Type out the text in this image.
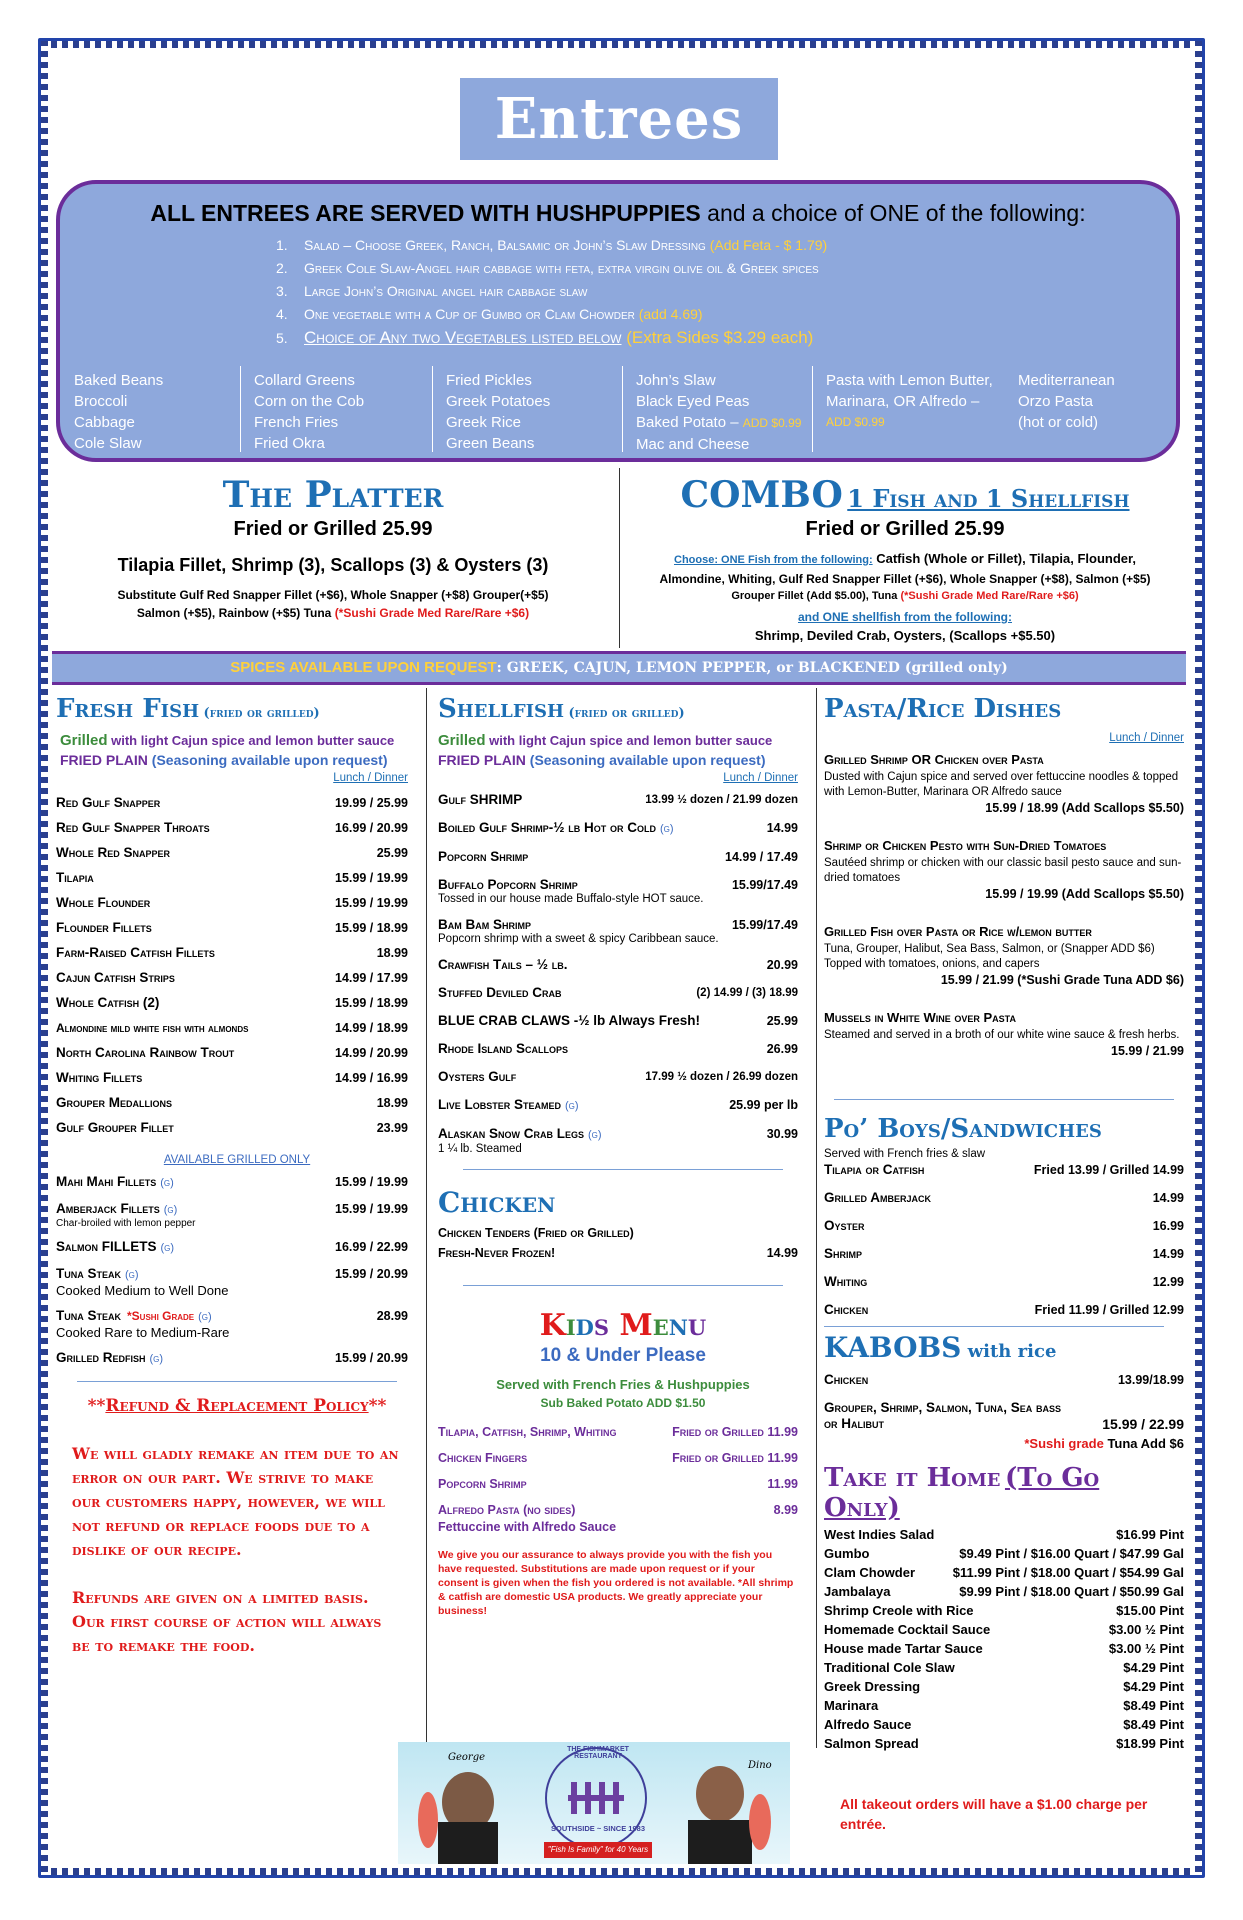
Entrees
ALL ENTREES ARE SERVED WITH HUSHPUPPIES and a choice of ONE of the following:
1. Salad – Choose Greek, Ranch, Balsamic or John’s Slaw Dressing (Add Feta - $ 1.79)
2. Greek Cole Slaw-Angel hair cabbage with feta, extra virgin olive oil & Greek spices
3. Large John’s Original angel hair cabbage slaw
4. One vegetable with a Cup of Gumbo or Clam Chowder (add 4.69)
5. Choice of Any two Vegetables listed below (Extra Sides $3.29 each)
Baked Beans
Broccoli
Cabbage
Cole Slaw
Collard Greens
Corn on the Cob
French Fries
Fried Okra
Fried Pickles
Greek Potatoes
Greek Rice
Green Beans
John’s Slaw
Black Eyed Peas
Baked Potato – ADD $0.99
Mac and Cheese
Pasta with Lemon Butter,
Marinara, OR Alfredo –
ADD $0.99
Mediterranean
Orzo Pasta
(hot or cold)
The Platter
Fried or Grilled 25.99
Tilapia Fillet, Shrimp (3), Scallops (3) & Oysters (3)
Substitute Gulf Red Snapper Fillet (+$6), Whole Snapper (+$8) Grouper(+$5)
Salmon (+$5), Rainbow (+$5) Tuna (*Sushi Grade Med Rare/Rare +$6)
COMBO 1 Fish and 1 Shellfish
Fried or Grilled 25.99
Choose: ONE Fish from the following: Catfish (Whole or Fillet), Tilapia, Flounder,
Almondine, Whiting, Gulf Red Snapper Fillet (+$6), Whole Snapper (+$8), Salmon (+$5)
Grouper Fillet (Add $5.00), Tuna (*Sushi Grade Med Rare/Rare +$6)
and ONE shellfish from the following:
Shrimp, Deviled Crab, Oysters, (Scallops +$5.50)
SPICES AVAILABLE UPON REQUEST: GREEK, CAJUN, LEMON PEPPER, or BLACKENED (grilled only)
Fresh Fish (fried or grilled)
Grilled with light Cajun spice and lemon butter sauce
FRIED PLAIN (Seasoning available upon request)
Lunch / Dinner
Red Gulf Snapper	19.99 / 25.99
Red Gulf Snapper Throats	16.99 / 20.99
Whole Red Snapper	25.99
Tilapia	15.99 / 19.99
Whole Flounder	15.99 / 19.99
Flounder Fillets	15.99 / 18.99
Farm-Raised Catfish Fillets	18.99
Cajun Catfish Strips	14.99 / 17.99
Whole Catfish (2)	15.99 / 18.99
Almondine mild white fish with almonds	14.99 / 18.99
North Carolina Rainbow Trout	14.99 / 20.99
Whiting Fillets	14.99 / 16.99
Grouper Medallions	18.99
Gulf Grouper Fillet	23.99
AVAILABLE GRILLED ONLY
Mahi Mahi Fillets (g)	15.99 / 19.99
Amberjack Fillets (g)	15.99 / 19.99
Char-broiled with lemon pepper
Salmon FILLETS (g)	16.99 / 22.99
Tuna Steak (g)	15.99 / 20.99
Cooked Medium to Well Done
Tuna Steak *Sushi Grade (g)	28.99
Cooked Rare to Medium-Rare
Grilled Redfish (g)	15.99 / 20.99
**Refund & Replacement Policy**
We will gladly remake an item due to an error on our part. We strive to make our customers happy, however, we will not refund or replace foods due to a dislike of our recipe.
Refunds are given on a limited basis. Our first course of action will always be to remake the food.
Shellfish (fried or grilled)
Grilled with light Cajun spice and lemon butter sauce
FRIED PLAIN (Seasoning available upon request)
Lunch / Dinner
Gulf SHRIMP	13.99 ½ dozen / 21.99 dozen
Boiled Gulf Shrimp-½ lb Hot or Cold (g)	14.99
Popcorn Shrimp	14.99 / 17.49
Buffalo Popcorn Shrimp	15.99/17.49
Tossed in our house made Buffalo-style HOT sauce.
Bam Bam Shrimp	15.99/17.49
Popcorn shrimp with a sweet & spicy Caribbean sauce.
Crawfish Tails – ½ lb.	20.99
Stuffed Deviled Crab	(2) 14.99 / (3) 18.99
BLUE CRAB CLAWS -½ lb Always Fresh!	25.99
Rhode Island Scallops	26.99
Oysters Gulf	17.99 ½ dozen / 26.99 dozen
Live Lobster Steamed (g)	25.99 per lb
Alaskan Snow Crab Legs (g)	30.99
1 ¼ lb. Steamed
Chicken
Chicken Tenders (Fried or Grilled)
Fresh-Never Frozen!	14.99
Kids Menu
10 & Under Please
Served with French Fries & Hushpuppies
Sub Baked Potato ADD $1.50
Tilapia, Catfish, Shrimp, Whiting	Fried or Grilled 11.99
Chicken Fingers	Fried or Grilled 11.99
Popcorn Shrimp	11.99
Alfredo Pasta (no sides)	8.99
Fettuccine with Alfredo Sauce
We give you our assurance to always provide you with the fish you have requested. Substitutions are made upon request or if your consent is given when the fish you ordered is not available. *All shrimp & catfish are domestic USA products. We greatly appreciate your business!
George
Dino
THE FISHMARKET RESTAURANT
SOUTHSIDE ~ SINCE 1983
"Fish Is Family" for 40 Years
Pasta/Rice Dishes
Lunch / Dinner
Grilled Shrimp OR Chicken over Pasta
Dusted with Cajun spice and served over fettuccine noodles & topped with Lemon-Butter, Marinara OR Alfredo sauce
15.99 / 18.99 (Add Scallops $5.50)
Shrimp or Chicken Pesto with Sun-Dried Tomatoes
Sautéed shrimp or chicken with our classic basil pesto sauce and sun-dried tomatoes
15.99 / 19.99 (Add Scallops $5.50)
Grilled Fish over Pasta or Rice w/lemon butter
Tuna, Grouper, Halibut, Sea Bass, Salmon, or (Snapper ADD $6) Topped with tomatoes, onions, and capers
15.99 / 21.99 (*Sushi Grade Tuna ADD $6)
Mussels in White Wine over Pasta
Steamed and served in a broth of our white wine sauce & fresh herbs.
15.99 / 21.99
Po’ Boys/Sandwiches
Served with French fries & slaw
Tilapia or Catfish	Fried 13.99 / Grilled 14.99
Grilled Amberjack	14.99
Oyster	16.99
Shrimp	14.99
Whiting	12.99
Chicken	Fried 11.99 / Grilled 12.99
KABOBS with rice
Chicken	13.99/18.99
Grouper, Shrimp, Salmon, Tuna, Sea bass or Halibut	15.99 / 22.99
*Sushi grade Tuna Add $6
Take it Home (To Go Only)
West Indies Salad	$16.99 Pint
Gumbo	$9.49 Pint / $16.00 Quart / $47.99 Gal
Clam Chowder	$11.99 Pint / $18.00 Quart / $54.99 Gal
Jambalaya	$9.99 Pint / $18.00 Quart / $50.99 Gal
Shrimp Creole with Rice	$15.00 Pint
Homemade Cocktail Sauce	$3.00 ½ Pint
House made Tartar Sauce	$3.00 ½ Pint
Traditional Cole Slaw	$4.29 Pint
Greek Dressing	$4.29 Pint
Marinara	$8.49 Pint
Alfredo Sauce	$8.49 Pint
Salmon Spread	$18.99 Pint
All takeout orders will have a $1.00 charge per entrée.
